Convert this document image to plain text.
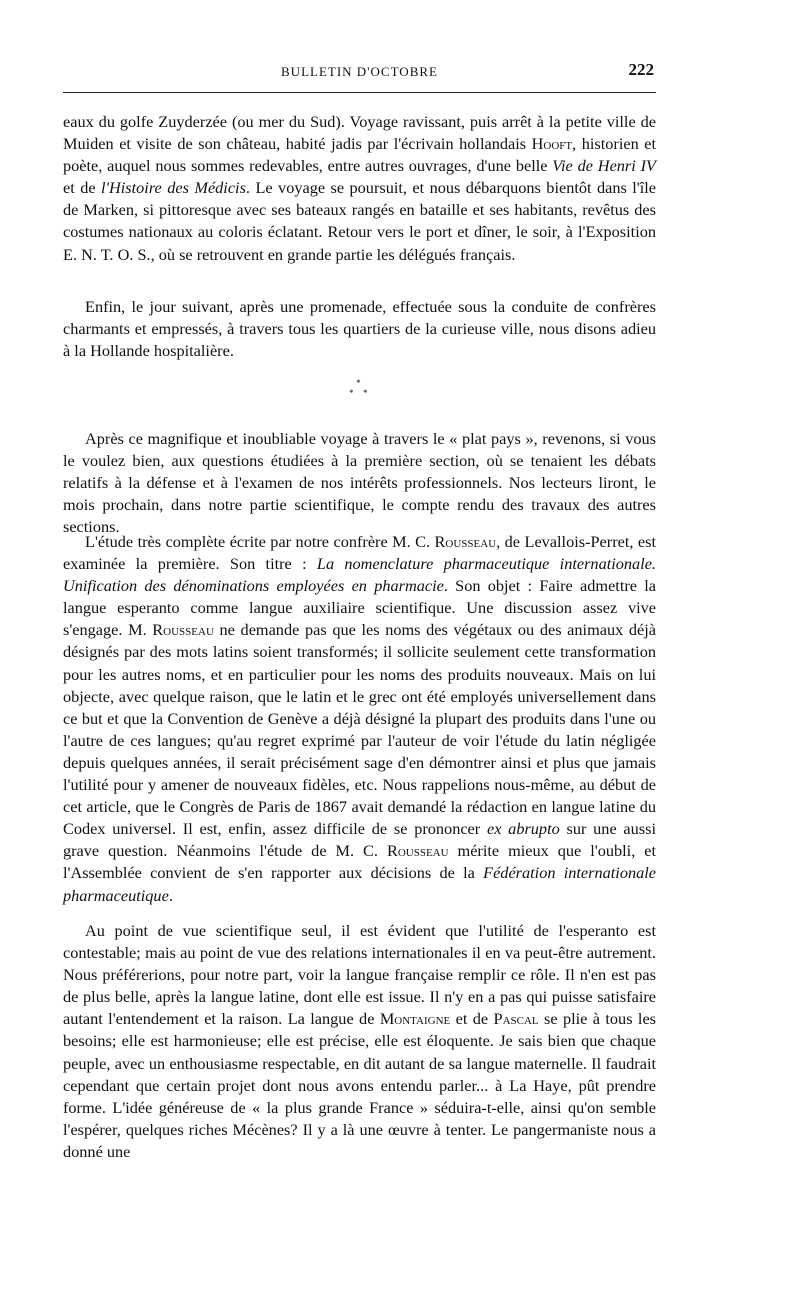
BULLETIN D'OCTOBRE	222

eaux du golfe Zuyderzée (ou mer du Sud). Voyage ravissant, puis arrêt à la petite ville de Muiden et visite de son château, habité jadis par l'écrivain hollandais Hooft, historien et poète, auquel nous sommes redevables, entre autres ouvrages, d'une belle Vie de Henri IV et de l'Histoire des Médicis. Le voyage se poursuit, et nous débarquons bientôt dans l'île de Marken, si pittoresque avec ses bateaux rangés en bataille et ses habitants, revêtus des costumes nationaux au coloris éclatant. Retour vers le port et dîner, le soir, à l'Exposition E. N. T. O. S., où se retrouvent en grande partie les délégués français.

Enfin, le jour suivant, après une promenade, effectuée sous la conduite de confrères charmants et empressés, à travers tous les quartiers de la curieuse ville, nous disons adieu à la Hollande hospitalière.

*
* *

Après ce magnifique et inoubliable voyage à travers le « plat pays », revenons, si vous le voulez bien, aux questions étudiées à la première section, où se tenaient les débats relatifs à la défense et à l'examen de nos intérêts professionnels. Nos lecteurs liront, le mois prochain, dans notre partie scientifique, le compte rendu des travaux des autres sections.

L'étude très complète écrite par notre confrère M. C. Rousseau, de Levallois-Perret, est examinée la première. Son titre : La nomenclature pharmaceutique internationale. Unification des dénominations employées en pharmacie. Son objet : Faire admettre la langue esperanto comme langue auxiliaire scientifique. Une discussion assez vive s'engage. M. Rousseau ne demande pas que les noms des végétaux ou des animaux déjà désignés par des mots latins soient transformés; il sollicite seulement cette transformation pour les autres noms, et en particulier pour les noms des produits nouveaux. Mais on lui objecte, avec quelque raison, que le latin et le grec ont été employés universellement dans ce but et que la Convention de Genève a déjà désigné la plupart des produits dans l'une ou l'autre de ces langues; qu'au regret exprimé par l'auteur de voir l'étude du latin négligée depuis quelques années, il serait précisément sage d'en démontrer ainsi et plus que jamais l'utilité pour y amener de nouveaux fidèles, etc. Nous rappelions nous-même, au début de cet article, que le Congrès de Paris de 1867 avait demandé la rédaction en langue latine du Codex universel. Il est, enfin, assez difficile de se prononcer ex abrupto sur une aussi grave question. Néanmoins l'étude de M. C. Rousseau mérite mieux que l'oubli, et l'Assemblée convient de s'en rapporter aux décisions de la Fédération internationale pharmaceutique.

Au point de vue scientifique seul, il est évident que l'utilité de l'esperanto est contestable; mais au point de vue des relations internationales il en va peut-être autrement. Nous préférerions, pour notre part, voir la langue française remplir ce rôle. Il n'en est pas de plus belle, après la langue latine, dont elle est issue. Il n'y en a pas qui puisse satisfaire autant l'entendement et la raison. La langue de Montaigne et de Pascal se plie à tous les besoins; elle est harmonieuse; elle est précise, elle est éloquente. Je sais bien que chaque peuple, avec un enthousiasme respectable, en dit autant de sa langue maternelle. Il faudrait cependant que certain projet dont nous avons entendu parler... à La Haye, pût prendre forme. L'idée généreuse de « la plus grande France » séduira-t-elle, ainsi qu'on semble l'espérer, quelques riches Mécènes? Il y a là une œuvre à tenter. Le pangermaniste nous a donné une
